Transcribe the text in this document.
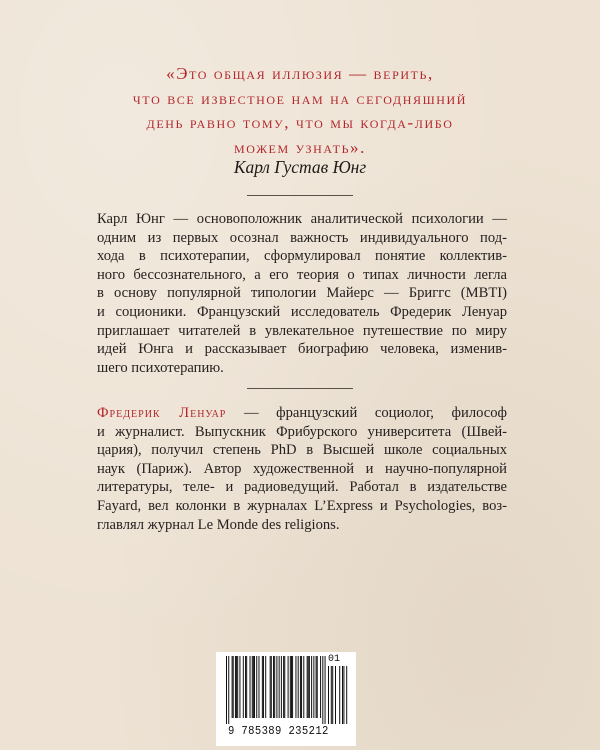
«Это общая иллюзия — верить,
что все известное нам на сегодняшний
день равно тому, что мы когда-либо
можем узнать».
Карл Густав Юнг
Карл Юнг — основоположник аналитической психологии —
одним из первых осознал важность индивидуального под-
хода в психотерапии, сформулировал понятие коллектив-
ного бессознательного, а его теория о типах личности легла
в основу популярной типологии Майерс — Бриггс (MBTI)
и соционики. Французский исследователь Фредерик Ленуар
приглашает читателей в увлекательное путешествие по миру
идей Юнга и рассказывает биографию человека, изменив-
шего психотерапию.
Фредерик Ленуар — французский социолог, философ
и журналист. Выпускник Фрибурского университета (Швей-
цария), получил степень PhD в Высшей школе социальных
наук (Париж). Автор художественной и научно-популярной
литературы, теле- и радиоведущий. Работал в издательстве
Fayard, вел колонки в журналах L’Express и Psychologies, воз-
главлял журнал Le Monde des religions.
01
9 785389 235212
